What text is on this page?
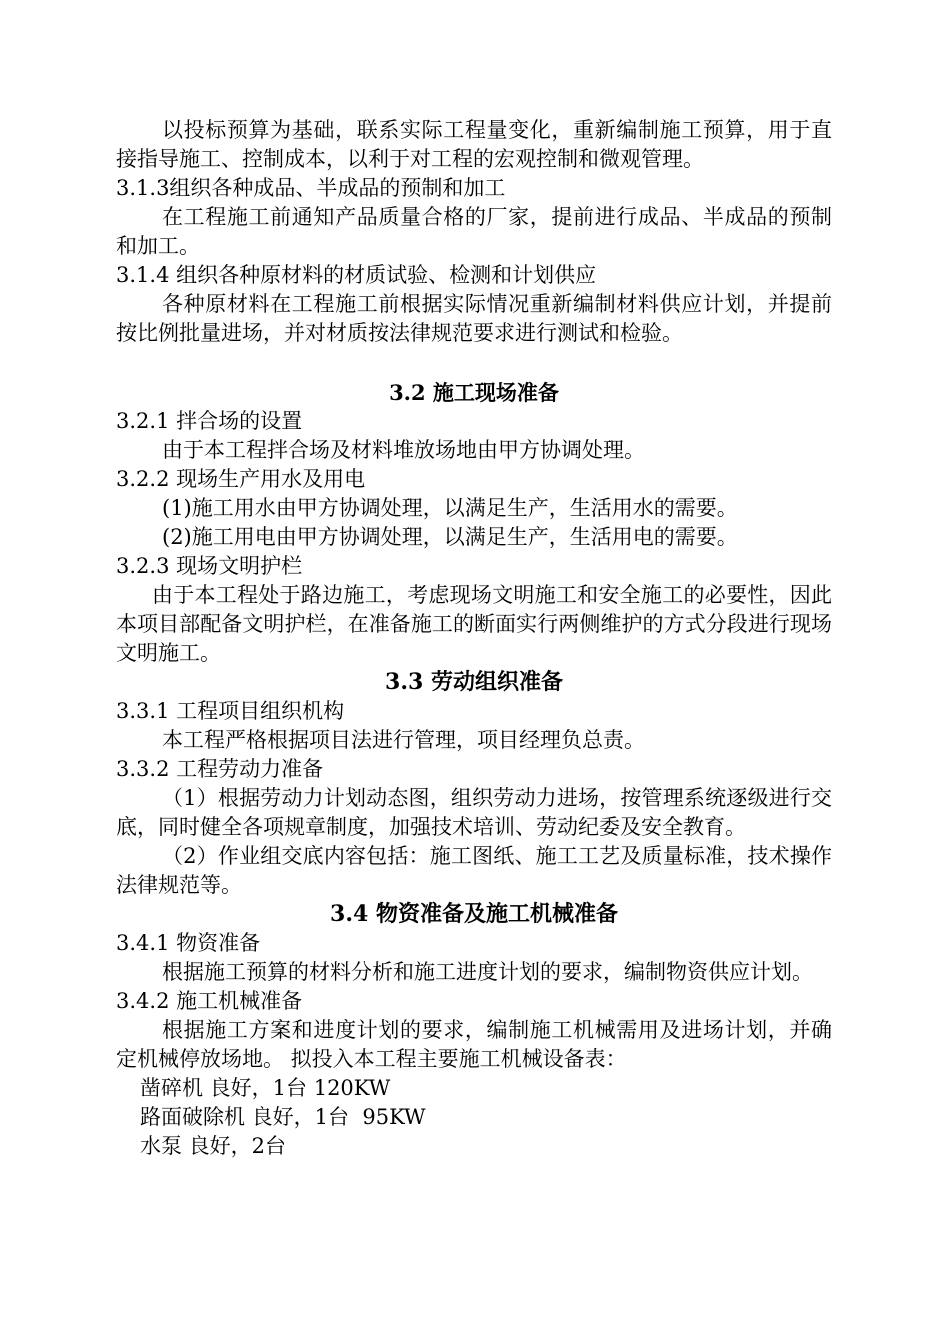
以投标预算为基础，联系实际工程量变化，重新编制施工预算，用于直接指导施工、控制成本，以利于对工程的宏观控制和微观管理。

3.1.3组织各种成品、半成品的预制和加工

在工程施工前通知产品质量合格的厂家，提前进行成品、半成品的预制和加工。

3.1.4 组织各种原材料的材质试验、检测和计划供应

各种原材料在工程施工前根据实际情况重新编制材料供应计划，并提前按比例批量进场，并对材质按法律规范要求进行测试和检验。

3.2 施工现场准备

3.2.1 拌合场的设置

由于本工程拌合场及材料堆放场地由甲方协调处理。

3.2.2 现场生产用水及用电

(1)施工用水由甲方协调处理，以满足生产，生活用水的需要。

(2)施工用电由甲方协调处理，以满足生产，生活用电的需要。

3.2.3 现场文明护栏

由于本工程处于路边施工，考虑现场文明施工和安全施工的必要性，因此本项目部配备文明护栏，在准备施工的断面实行两侧维护的方式分段进行现场文明施工。

3.3 劳动组织准备

3.3.1 工程项目组织机构

本工程严格根据项目法进行管理，项目经理负总责。

3.3.2 工程劳动力准备

（1）根据劳动力计划动态图，组织劳动力进场，按管理系统逐级进行交底，同时健全各项规章制度，加强技术培训、劳动纪委及安全教育。

（2）作业组交底内容包括：施工图纸、施工工艺及质量标准，技术操作法律规范等。

3.4 物资准备及施工机械准备

3.4.1 物资准备

根据施工预算的材料分析和施工进度计划的要求，编制物资供应计划。

3.4.2 施工机械准备

根据施工方案和进度计划的要求，编制施工机械需用及进场计划，并确定机械停放场地。 拟投入本工程主要施工机械设备表：

凿碎机 良好，1台 120KW

路面破除机 良好，1台  95KW

水泵 良好，2台
